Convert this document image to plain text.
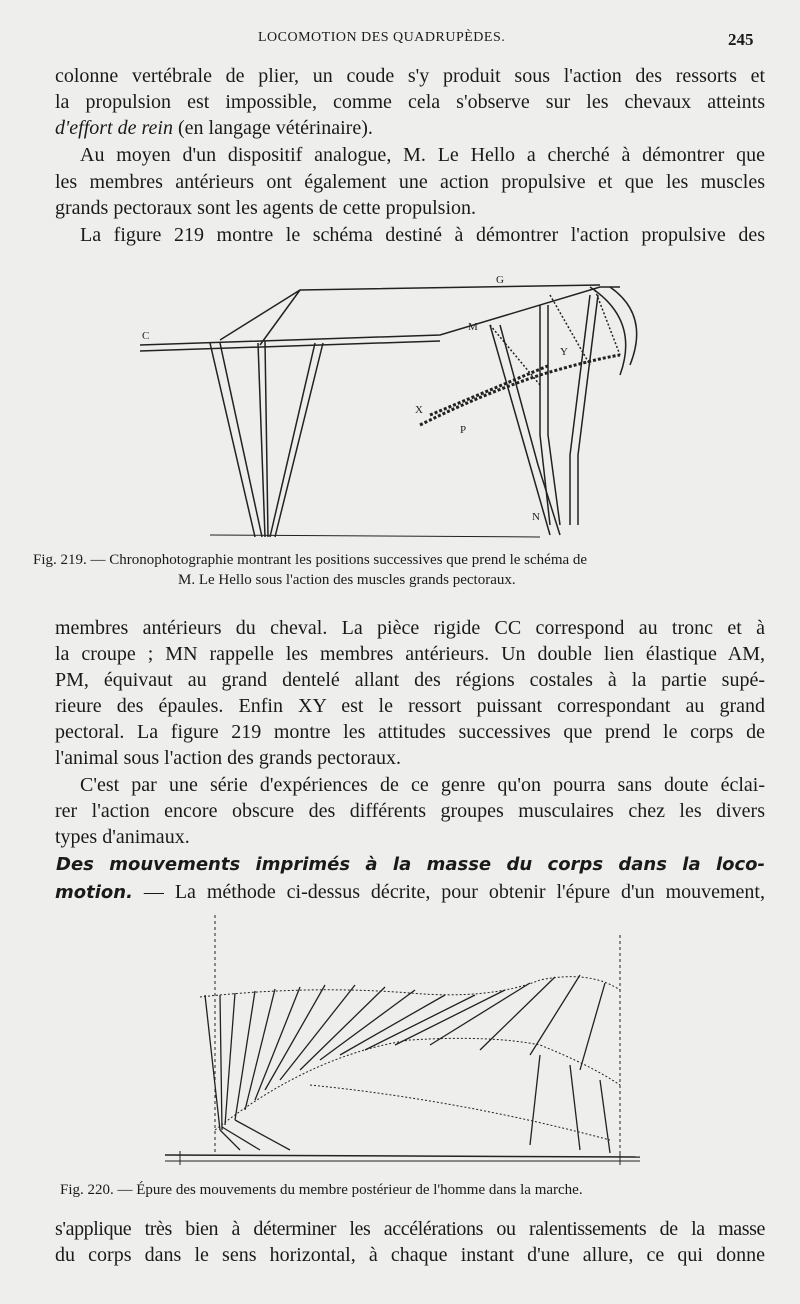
LOCOMOTION DES QUADRUPÈDES.	245
colonne vertébrale de plier, un coude s'y produit sous l'action des ressorts et
la propulsion est impossible, comme cela s'observe sur les chevaux atteints
d'effort de rein (en langage vétérinaire).
Au moyen d'un dispositif analogue, M. Le Hello a cherché à démontrer que
les membres antérieurs ont également une action propulsive et que les muscles
grands pectoraux sont les agents de cette propulsion.
La figure 219 montre le schéma destiné à démontrer l'action propulsive des
C
G
M
X
P
Y
N
Fig. 219. — Chronophotographie montrant les positions successives que prend le schéma de
M. Le Hello sous l'action des muscles grands pectoraux.
membres antérieurs du cheval. La pièce rigide CC correspond au tronc et à
la croupe ; MN rappelle les membres antérieurs. Un double lien élastique AM,
PM, équivaut au grand dentelé allant des régions costales à la partie supé-
rieure des épaules. Enfin XY est le ressort puissant correspondant au grand
pectoral. La figure 219 montre les attitudes successives que prend le corps de
l'animal sous l'action des grands pectoraux.
C'est par une série d'expériences de ce genre qu'on pourra sans doute éclai-
rer l'action encore obscure des différents groupes musculaires chez les divers
types d'animaux.
Des mouvements imprimés à la masse du corps dans la loco-
motion. — La méthode ci-dessus décrite, pour obtenir l'épure d'un mouvement,
Fig. 220. — Épure des mouvements du membre postérieur de l'homme dans la marche.
s'applique très bien à déterminer les accélérations ou ralentissements de la masse
du corps dans le sens horizontal, à chaque instant d'une allure, ce qui donne
